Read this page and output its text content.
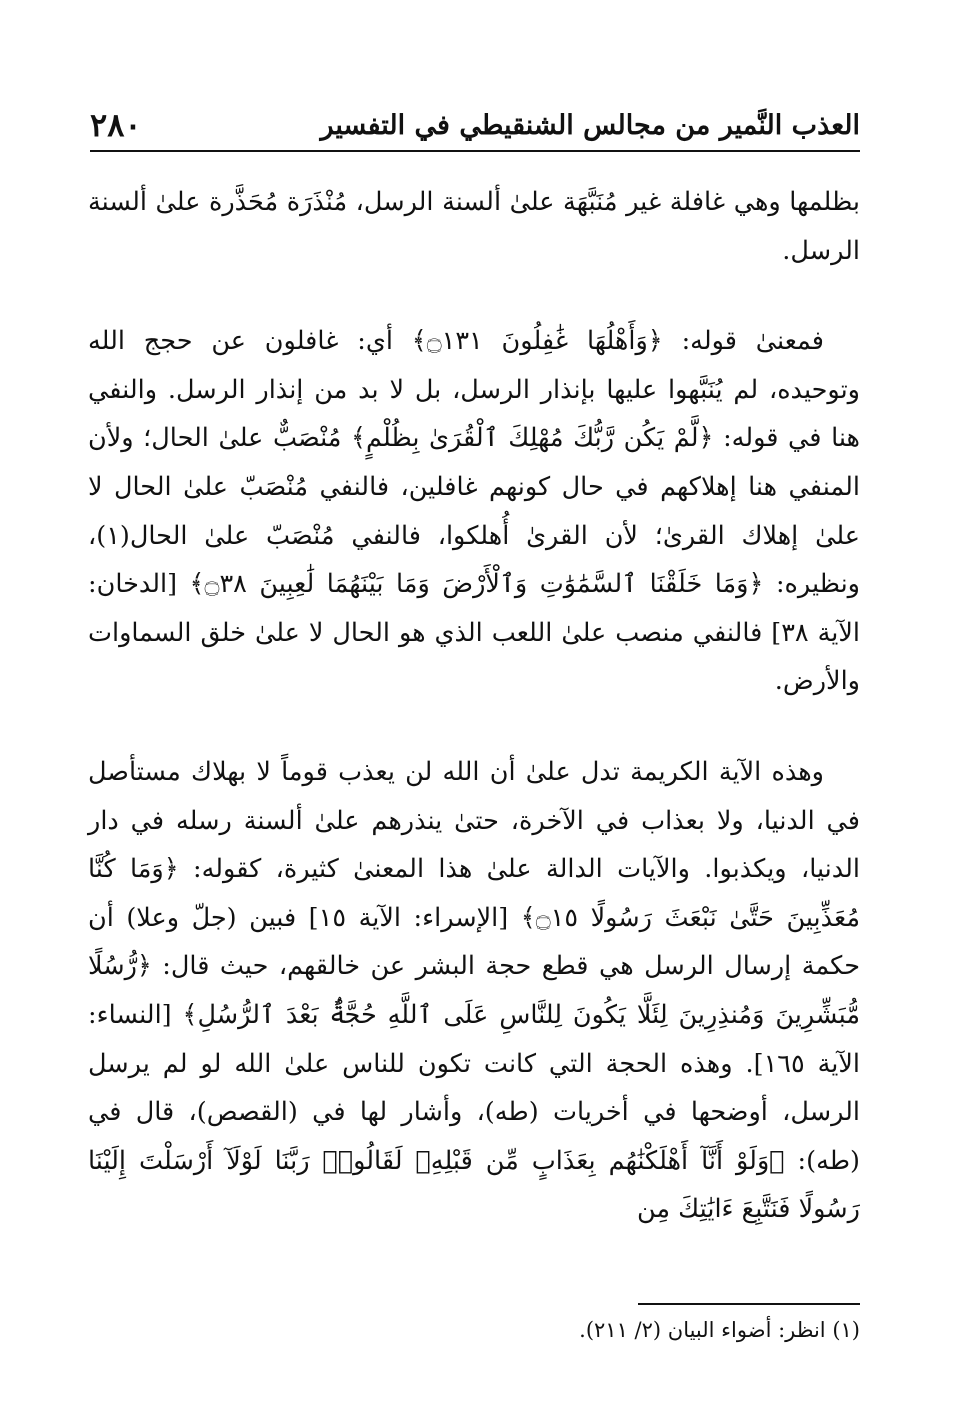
العذب النَّمير من مجالس الشنقيطي في التفسير
٢٨٠

بظلمها وهي غافلة غير مُنَبَّهَة علىٰ ألسنة الرسل، مُنْذَرَة مُحَذَّرة علىٰ ألسنة الرسل.

فمعنىٰ قوله: ﴿وَأَهْلُهَا غَٰفِلُونَ ۝١٣١﴾ أي: غافلون عن حجج الله وتوحيده، لم يُنَبَّهوا عليها بإنذار الرسل، بل لا بد من إنذار الرسل. والنفي هنا في قوله: ﴿لَّمْ يَكُن رَّبُّكَ مُهْلِكَ ٱلْقُرَىٰ بِظُلْمٍ﴾ مُنْصَبٌّ علىٰ الحال؛ ولأن المنفي هنا إهلاكهم في حال كونهم غافلين، فالنفي مُنْصَبّ علىٰ الحال لا علىٰ إهلاك القرىٰ؛ لأن القرىٰ أُهلكوا، فالنفي مُنْصَبّ علىٰ الحال(١)، ونظيره: ﴿وَمَا خَلَقْنَا ٱلسَّمَٰوَٰتِ وَٱلْأَرْضَ وَمَا بَيْنَهُمَا لَٰعِبِينَ ۝٣٨﴾ [الدخان: الآية ٣٨] فالنفي منصب علىٰ اللعب الذي هو الحال لا علىٰ خلق السماوات والأرض.

وهذه الآية الكريمة تدل علىٰ أن الله لن يعذب قوماً لا بهلاك مستأصل في الدنيا، ولا بعذاب في الآخرة، حتىٰ ينذرهم علىٰ ألسنة رسله في دار الدنيا، ويكذبوا. والآيات الدالة علىٰ هذا المعنىٰ كثيرة، كقوله: ﴿وَمَا كُنَّا مُعَذِّبِينَ حَتَّىٰ نَبْعَثَ رَسُولًا ۝١٥﴾ [الإسراء: الآية ١٥] فبين (جلّ وعلا) أن حكمة إرسال الرسل هي قطع حجة البشر عن خالقهم، حيث قال: ﴿رُّسُلًا مُّبَشِّرِينَ وَمُنذِرِينَ لِئَلَّا يَكُونَ لِلنَّاسِ عَلَى ٱللَّهِ حُجَّةٌۢ بَعْدَ ٱلرُّسُلِ﴾ [النساء: الآية ١٦٥]. وهذه الحجة التي كانت تكون للناس علىٰ الله لو لم يرسل الرسل، أوضحها في أخريات (طه)، وأشار لها في (القصص)، قال في (طه): ﴿وَلَوْ أَنَّآ أَهْلَكْنَٰهُم بِعَذَابٍ مِّن قَبْلِهِۦ لَقَالُوا۟ رَبَّنَا لَوْلَآ أَرْسَلْتَ إِلَيْنَا رَسُولًا فَنَتَّبِعَ ءَايَٰتِكَ مِن

(١) انظر: أضواء البيان (٢/ ٢١١).
